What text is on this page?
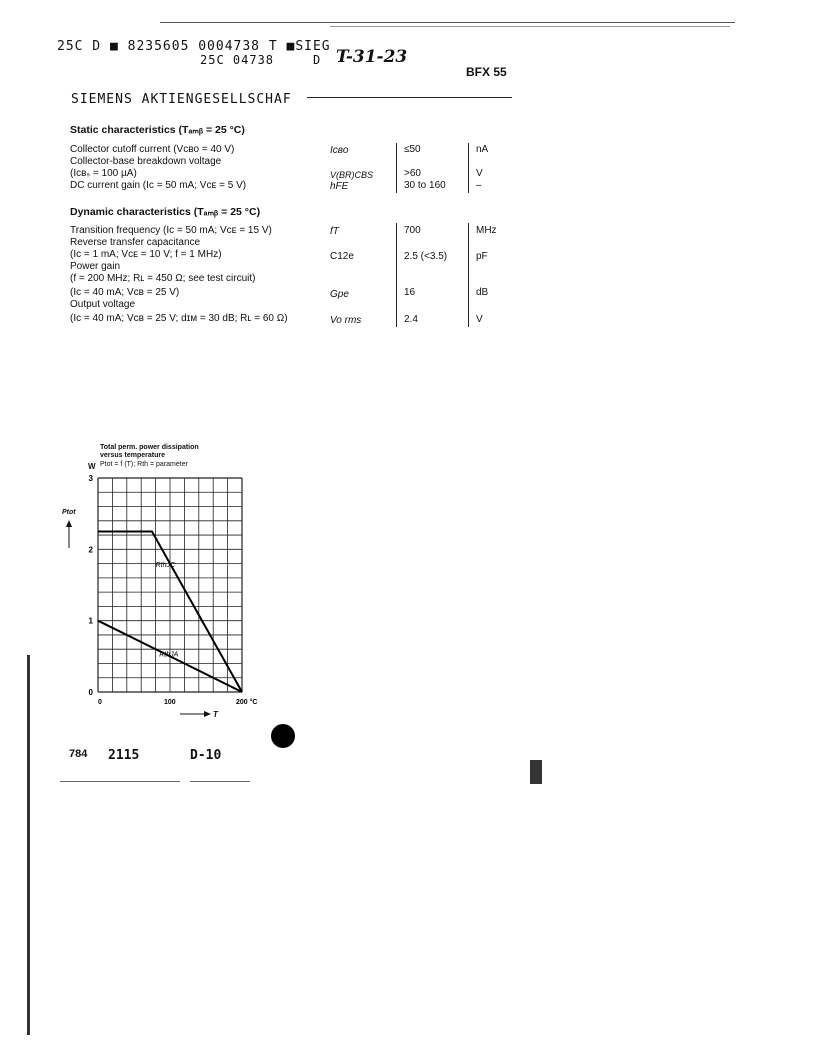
25C D ■ 8235605 0004738 T ■SIEG
25C 04738	D T-31-23
BFX 55
SIEMENS AKTIENGESELLSCHAF
Static characteristics (Tₐₘᵦ = 25 °C)
Collector cutoff current (Vᴄʙᴏ = 40 V)	Iᴄʙᴏ	≤50	nA
Collector-base breakdown voltage
(Iᴄʙₛ = 100 µA)	V(BR)CBS	>60	V
DC current gain (Iᴄ = 50 mA; Vᴄᴇ = 5 V)	hFE	30 to 160	–
Dynamic characteristics (Tₐₘᵦ = 25 °C)
Transition frequency (Iᴄ = 50 mA; Vᴄᴇ = 15 V)	fT	700	MHz
Reverse transfer capacitance
(Iᴄ = 1 mA; Vᴄᴇ = 10 V; f = 1 MHz)	C12e	2.5 (<3.5)	pF
Power gain
(f = 200 MHz; Rʟ = 450 Ω; see test circuit)
(Iᴄ = 40 mA; Vᴄʙ = 25 V)	Gpe	16	dB
Output voltage
(Iᴄ = 40 mA; Vᴄʙ = 25 V; dɪᴍ = 30 dB; Rʟ = 60 Ω)	Vo rms	2.4	V
Total perm. power dissipation
versus temperature
Ptot = f (T); Rth = parameter
W
Ptot
RthJC
RthJA
0
1
2
3
0	100	200 °C
T
784 2115	D-10
